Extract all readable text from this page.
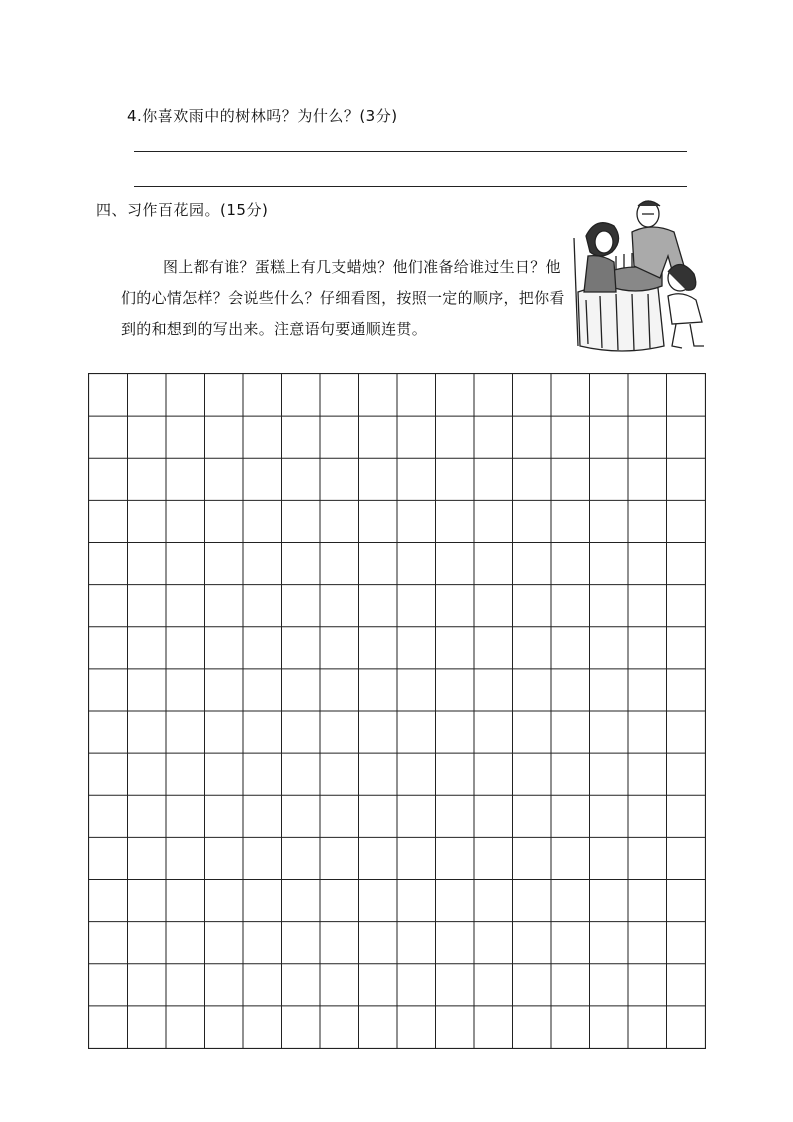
4.你喜欢雨中的树林吗？为什么？(3分)
四、习作百花园。(15分)
图上都有谁？蛋糕上有几支蜡烛？他们准备给谁过生日？他们的心情怎样？会说些什么？仔细看图，按照一定的顺序，把你看到的和想到的写出来。注意语句要通顺连贯。
